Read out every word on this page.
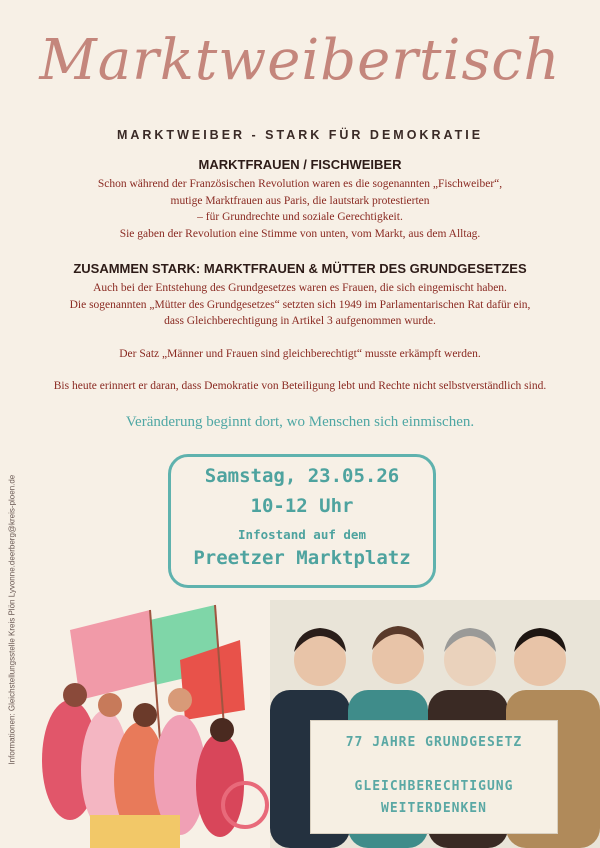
Marktweibertisch
MARKTWEIBER - STARK FÜR DEMOKRATIE
MARKTFRAUEN / FISCHWEIBER
Schon während der Französischen Revolution waren es die sogenannten „Fischweiber“,
mutige Marktfrauen aus Paris, die lautstark protestierten
– für Grundrechte und soziale Gerechtigkeit.
Sie gaben der Revolution eine Stimme von unten, vom Markt, aus dem Alltag.
ZUSAMMEN STARK: MARKTFRAUEN & MÜTTER DES GRUNDGESETZES
Auch bei der Entstehung des Grundgesetzes waren es Frauen, die sich eingemischt haben.
Die sogenannten „Mütter des Grundgesetzes“ setzten sich 1949 im Parlamentarischen Rat dafür ein,
dass Gleichberechtigung in Artikel 3 aufgenommen wurde.
Der Satz „Männer und Frauen sind gleichberechtigt“ musste erkämpft werden.
Bis heute erinnert er daran, dass Demokratie von Beteiligung lebt und Rechte nicht selbstverständlich sind.
Veränderung beginnt dort, wo Menschen sich einmischen.
Samstag, 23.05.26
10-12 Uhr
Infostand auf dem
Preetzer Marktplatz
Informationen: Gleichstellungsstelle Kreis Plön Lyvonne.deerberg@kreis-ploen.de	77 JAHRE GRUNDGESETZ
GLEICHBERECHTIGUNG
WEITERDENKEN
